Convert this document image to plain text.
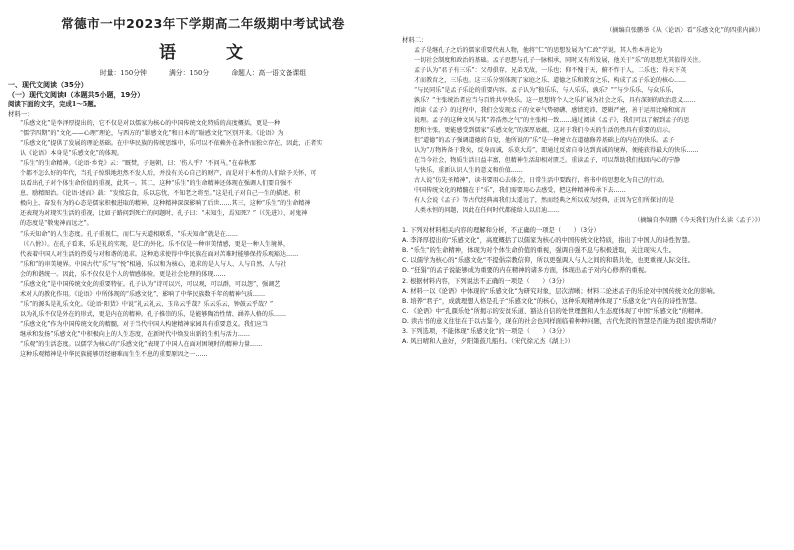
常德市一中2023年下学期高二年级期中考试试卷
语 文
时量：150分钟	满分：150分	命题人：高一语文备课组
一、现代文阅读（35分）
（一）现代文阅读Ⅰ（本题共5小题，19分）
阅读下面的文字，完成1～5题。
材料一：
“乐感文化”是李泽厚提出的，它不仅是对以儒家为核心的中国传统文化特质的高度概括，更是一种
“儒学四期”的“文化——心理”理论，与西方的“罪感文化”和日本的“耻感文化”区别开来。《论语》为
“乐感文化”提供了发展的理论基础。在中华民族的传统思维中，乐可以不依赖外在条件而独立存在，因此，正者实
认《论语》本身是“乐感文化”的体现。
“乐生”的生命精神。《论语·乡党》云：“厩焚，子退朝，曰：‘伤人乎？’不问马。”在春秋那
个都不怎么好的年代，当孔子惊惧地坦然不发人后，并没有关心自己的财产，而是对于本性的人们给予关怀，可
以看出孔子对个体生命价值的重视，此其一。其二，这种“乐生”的生命精神还体现在强调人们要自强不
息、励精图治。《论语·述而》载：“发愤忘食，乐以忘忧，不知老之将至。”这是孔子对自己一生的描述。积
极向上、奋发有为的心态是儒家积极进取的精神，这种精神深深影响了后世……其三，这种“乐生”的生命精神
还表现为对现实生活的重视，比如子路问到死亡的问题时，孔子曰：“未知生，焉知死？”（《先进》），对鬼神
的态度是“敬鬼神而远之”。
“乐天知命”的人生态度。孔子重视仁，而仁与天道相联系，“乐天知命”就是在……
（《八佾》）。在孔子看来，乐是礼的实现，是仁的外化。乐不仅是一种审美情感，更是一种人生境界，
代表着中国人对生活的热爱与对和谐的追求。这种追求使得中华民族在面对苦难时能够保持乐观豁达……
“乐和”的审美境界。中国古代“乐”与“悦”相通，乐以和为核心，追求的是人与人、人与自然、人与社
会的和谐统一。因此，乐不仅仅是个人的情感体验，更是社会伦理的体现……
“乐感文化”是中国传统文化的重要特征。孔子认为“诗可以兴，可以观，可以群，可以怨”，强调艺
术对人的教化作用。《论语》中所体现的“乐感文化”，影响了中华民族数千年的精神气质……
“乐”的源头是礼乐文化。《论语·阳货》中说“礼云礼云，玉帛云乎哉？乐云乐云，钟鼓云乎哉？”
以为礼乐不仅是外在的形式，更是内在的精神。孔子推崇的乐，是能够陶冶性情、涵养人格的乐……
“乐感文化”作为中国传统文化的精髓，对于当代中国人构建精神家园具有重要意义。我们应当
继承和发扬“乐感文化”中积极向上的人生态度，在新时代中焕发出新的生机与活力……
“乐观”的生活态度。以儒学为核心的“乐感文化”表现了中国人在面对困境时的精神力量……
这种乐观精神是中华民族能够历经磨难而生生不息的重要原因之一……
（摘编自张鹏举《从〈论语〉看“乐感文化”的四重内涵》）
材料二：
孟子是继孔子之后的儒家重要代表人物，他将“仁”的思想发展为“仁政”学说，其人性本善论为
一切社会制度和政治的基础。孟子思想与孔子一脉相承，同时又有所发展，他关于“乐”的思想尤其值得关注。
孟子认为“君子有三乐”：父母俱存，兄弟无故，一乐也；仰不愧于天，俯不怍于人，二乐也；得天下英
才而教育之，三乐也。这三乐分别体现了家庭之乐、道德之乐和教育之乐，构成了孟子乐论的核心……
“与民同乐”是孟子乐论的重要内容。孟子认为“独乐乐，与人乐乐，孰乐？”“与少乐乐，与众乐乐，
孰乐？”主张统治者应当与百姓共享快乐。这一思想将个人之乐扩展为社会之乐，具有深刻的政治意义……
阅读《孟子》的过程中，我们会发现孟子的文章气势磅礴、感情充沛、逻辑严密，善于运用比喻和寓言
说理。孟子的这种文风与其“养浩然之气”的主张相一致……通过阅读《孟子》，我们可以了解到孟子的思
想和主张，更能感受到儒家“乐感文化”的深厚底蕴，这对于我们今天的生活仍然具有重要的启示。
但“道德”的孟子强调道德的自觉，他所说的“乐”是一种建立在道德修养基础上的内在的快乐。孟子
认为“万物皆备于我矣，反身而诚，乐莫大焉”，即通过反省自身达到真诚的境界，便能获得最大的快乐……
在当今社会，物质生活日益丰富，但精神生活却相对匮乏。重读孟子，可以帮助我们找回内心的宁静
与快乐，重新认识人生的意义和价值……
古人说“仿先圣精神”，读书要用心去体会，日常生活中要践行，将书中的思想化为自己的行动。
中国传统文化的精髓在于“乐”，我们需要用心去感受，把这种精神传承下去……
有人会说《孟子》等古代经典离我们太遥远了，然而经典之所以成为经典，正因为它们所探讨的是
人类永恒的问题，因此在任何时代都能给人以启迪……
（摘编自李胡鹏《今天我们为什么读〈孟子〉》）
1. 下列对材料相关内容的理解和分析，不正确的一项是（　　）（3分）
A. 李泽厚提出的“乐感文化”，高度概括了以儒家为核心的中国传统文化特质，指出了中国人的诗性智慧。
B. “乐生”的生命精神，体现为对个体生命价值的重视，强调自强不息与积极进取，关注现实人生。
C. 以儒学为核心的“乐感文化”不提倡宗教信仰，所以更强调人与人之间的和谐共处，也更重视人际交往。
D. “狂狷”的孟子说能够成为重要的内在精神的诸多方面，体现出孟子对内心修养的重视。
2. 根据材料内容，下列说法不正确的一项是（　　）（3分）
A. 材料一以《论语》中体现的“乐感文化”为研究对象，层次清晰；材料二论述孟子的乐论对中国传统文化的影响。
B. 培养“君子”，成就理想人格是孔子“乐感文化”的核心，这种乐观精神体现了“乐感文化”内在的诗性智慧。
C. 《论语》中“孔颜乐处”所揭示的安贫乐道、豁达自信的处世理想和人生态度体现了中国“乐感文化”的精神。
D. 读古书的意义往往在于以古鉴今，现在的社会也同样面临着种种问题，古代先贤的智慧是否能为我们提供帮助？
3. 下列选项，不能体现“乐感文化”的一项是（　　）（3分）
A. 风日晴和人意好，夕阳箫鼓几船归。（宋代徐元杰《湖上》）
